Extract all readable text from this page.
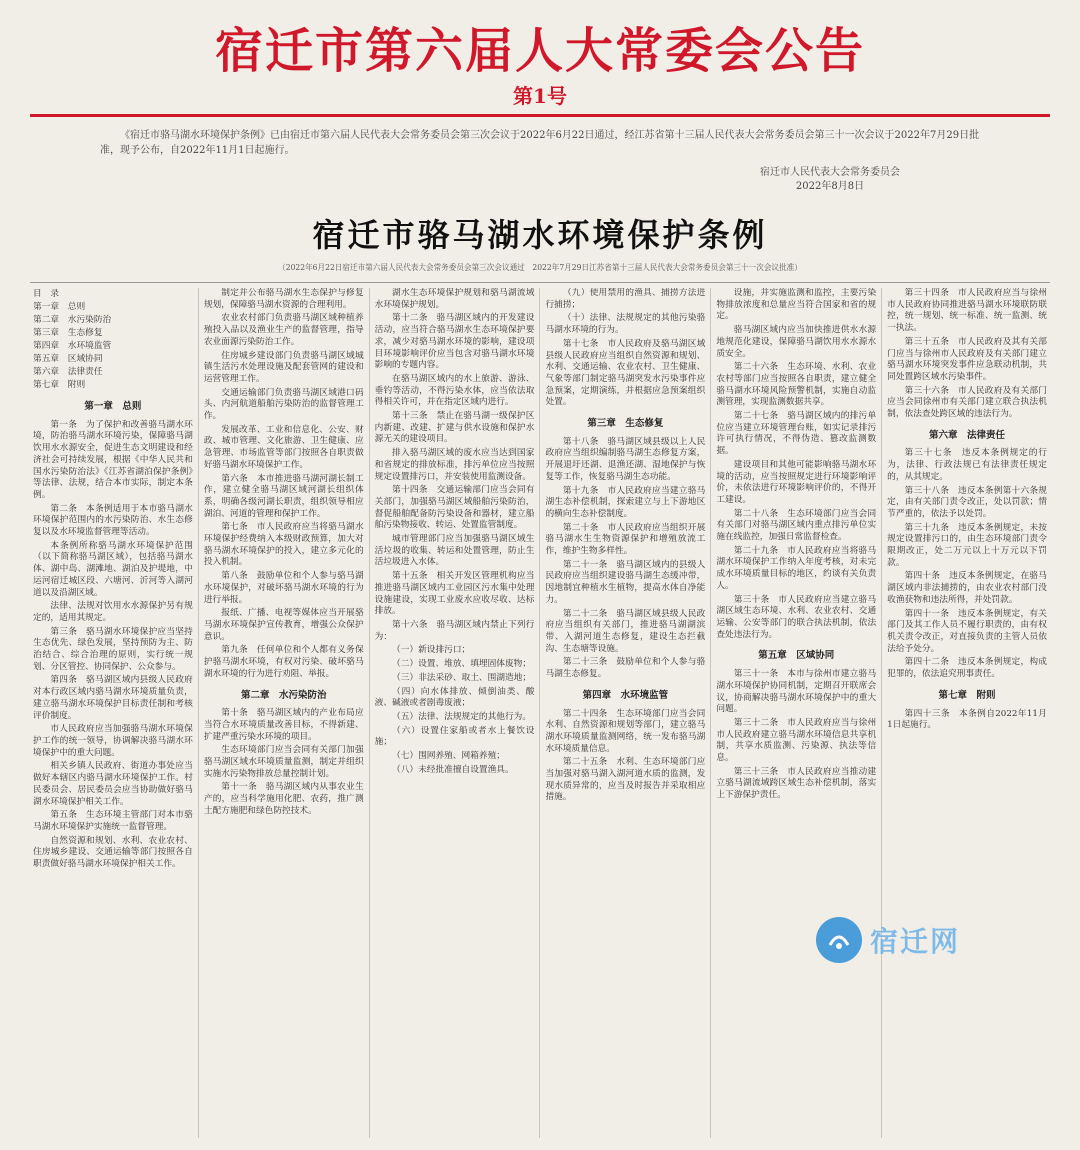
宿迁市第六届人大常委会公告
第1号
《宿迁市骆马湖水环境保护条例》已由宿迁市第六届人民代表大会常务委员会第三次会议于2022年6月22日通过，经江苏省第十三届人民代表大会常务委员会第三十一次会议于2022年7月29日批准，现予公布，自2022年11月1日起施行。
宿迁市人民代表大会常务委员会
2022年8月8日
宿迁市骆马湖水环境保护条例
（2022年6月22日宿迁市第六届人民代表大会常务委员会第三次会议通过　2022年7月29日江苏省第十三届人民代表大会常务委员会第三十一次会议批准）
目　录
第一章　总则
第二章　水污染防治
第三章　生态修复
第四章　水环境监管
第五章　区域协同
第六章　法律责任
第七章　附则
第一章　总则

第一条　为了保护和改善骆马湖水环境，防治骆马湖水环境污染，保障骆马湖饮用水水源安全，促进生态文明建设和经济社会可持续发展，根据《中华人民共和国水污染防治法》《江苏省湖泊保护条例》等法律、法规，结合本市实际，制定本条例。

第二条　本条例适用于本市骆马湖水环境保护范围内的水污染防治、水生态修复以及水环境监督管理等活动。

本条例所称骆马湖水环境保护范围（以下简称骆马湖区域），包括骆马湖水体、湖中岛、湖滩地、湖泊及护堤地，中运河宿迁城区段、六塘河、沂河等入湖河道以及沿湖区域。

法律、法规对饮用水水源保护另有规定的，适用其规定。

第三条　骆马湖水环境保护应当坚持生态优先、绿色发展，坚持预防为主、防治结合、综合治理的原则，实行统一规划、分区管控、协同保护、公众参与。

第四条　骆马湖区域内县级人民政府对本行政区域内骆马湖水环境质量负责，建立骆马湖水环境保护目标责任制和考核评价制度。

市人民政府应当加强骆马湖水环境保护工作的统一领导，协调解决骆马湖水环境保护中的重大问题。

相关乡镇人民政府、街道办事处应当做好本辖区内骆马湖水环境保护工作。村民委员会、居民委员会应当协助做好骆马湖水环境保护相关工作。

第五条　生态环境主管部门对本市骆马湖水环境保护实施统一监督管理。

自然资源和规划、水利、农业农村、住房城乡建设、交通运输等部门按照各自职责做好骆马湖水环境保护相关工作。

制定并公布骆马湖水生态保护与修复规划，保障骆马湖水资源的合理利用。

农业农村部门负责骆马湖区域种植养殖投入品以及渔业生产的监督管理，指导农业面源污染防治工作。

住房城乡建设部门负责骆马湖区域城镇生活污水处理设施及配套管网的建设和运营管理工作。

交通运输部门负责骆马湖区域港口码头、内河航道船舶污染防治的监督管理工作。

发展改革、工业和信息化、公安、财政、城市管理、文化旅游、卫生健康、应急管理、市场监管等部门按照各自职责做好骆马湖水环境保护工作。

第六条　本市推进骆马湖河湖长制工作，建立健全骆马湖区域河湖长组织体系，明确各级河湖长职责，组织领导相应湖泊、河道的管理和保护工作。

第七条　市人民政府应当将骆马湖水环境保护经费纳入本级财政预算，加大对骆马湖水环境保护的投入，建立多元化的投入机制。

第八条　鼓励单位和个人参与骆马湖水环境保护，对破坏骆马湖水环境的行为进行举报。

报纸、广播、电视等媒体应当开展骆马湖水环境保护宣传教育，增强公众保护意识。

第九条　任何单位和个人都有义务保护骆马湖水环境，有权对污染、破坏骆马湖水环境的行为进行劝阻、举报。

第二章　水污染防治

第十条　骆马湖区域内的产业布局应当符合水环境质量改善目标，不得新建、扩建严重污染水环境的项目。

生态环境部门应当会同有关部门加强骆马湖区域水环境质量监测，制定并组织实施水污染物排放总量控制计划。

第十一条　骆马湖区域内从事农业生产的，应当科学施用化肥、农药，推广测土配方施肥和绿色防控技术。

湖水生态环境保护规划和骆马湖流域水环境保护规划。

第十二条　骆马湖区域内的开发建设活动，应当符合骆马湖水生态环境保护要求，减少对骆马湖水环境的影响，建设项目环境影响评价应当包含对骆马湖水环境影响的专题内容。

在骆马湖区域内的水上旅游、游泳、垂钓等活动，不得污染水体，应当依法取得相关许可，并在指定区域内进行。

第十三条　禁止在骆马湖一级保护区内新建、改建、扩建与供水设施和保护水源无关的建设项目。

排入骆马湖区域的废水应当达到国家和省规定的排放标准，排污单位应当按照规定设置排污口，并安装使用监测设备。

第十四条　交通运输部门应当会同有关部门，加强骆马湖区域船舶污染防治，督促船舶配备防污染设备和器材，建立船舶污染物接收、转运、处置监管制度。

城市管理部门应当加强骆马湖区域生活垃圾的收集、转运和处置管理，防止生活垃圾进入水体。

第十五条　相关开发区管理机构应当推进骆马湖区域内工业园区污水集中处理设施建设，实现工业废水应收尽收、达标排放。

第十六条　骆马湖区域内禁止下列行为：

（一）新设排污口；

（二）设置、堆放、填埋固体废物；

（三）非法采砂、取土、围湖造地；

（四）向水体排放、倾倒油类、酸液、碱液或者剧毒废液；

（五）法律、法规规定的其他行为。

（六）设置住家船或者水上餐饮设施；

（七）围网养殖、网箱养殖；

（八）未经批准擅自设置渔具。

（九）使用禁用的渔具、捕捞方法进行捕捞；

（十）法律、法规规定的其他污染骆马湖水环境的行为。

第十七条　市人民政府及骆马湖区域县级人民政府应当组织自然资源和规划、水利、交通运输、农业农村、卫生健康、气象等部门制定骆马湖突发水污染事件应急预案，定期演练，并根据应急预案组织处置。

第三章　生态修复

第十八条　骆马湖区域县级以上人民政府应当组织编制骆马湖生态修复方案，开展退圩还湖、退渔还湖、湿地保护与恢复等工作，恢复骆马湖生态功能。

第十九条　市人民政府应当建立骆马湖生态补偿机制，探索建立与上下游地区的横向生态补偿制度。

第二十条　市人民政府应当组织开展骆马湖水生生物资源保护和增殖放流工作，维护生物多样性。

第二十一条　骆马湖区域内的县级人民政府应当组织建设骆马湖生态缓冲带，因地制宜种植水生植物，提高水体自净能力。

第二十二条　骆马湖区域县级人民政府应当组织有关部门，推进骆马湖湖滨带、入湖河道生态修复，建设生态拦截沟、生态塘等设施。

第二十三条　鼓励单位和个人参与骆马湖生态修复。

第四章　水环境监管

第二十四条　生态环境部门应当会同水利、自然资源和规划等部门，建立骆马湖水环境质量监测网络，统一发布骆马湖水环境质量信息。

第二十五条　水利、生态环境部门应当加强对骆马湖入湖河道水质的监测，发现水质异常的，应当及时报告并采取相应措施。

设施，并实施监测和监控，主要污染物排放浓度和总量应当符合国家和省的规定。

骆马湖区域内应当加快推进供水水源地规范化建设，保障骆马湖饮用水水源水质安全。

第二十六条　生态环境、水利、农业农村等部门应当按照各自职责，建立健全骆马湖水环境风险预警机制，实施自动监测管理，实现监测数据共享。

第二十七条　骆马湖区域内的排污单位应当建立环境管理台账，如实记录排污许可执行情况，不得伪造、篡改监测数据。

建设项目和其他可能影响骆马湖水环境的活动，应当按照规定进行环境影响评价，未依法进行环境影响评价的，不得开工建设。

第二十八条　生态环境部门应当会同有关部门对骆马湖区域内重点排污单位实施在线监控，加强日常监督检查。

第二十九条　市人民政府应当将骆马湖水环境保护工作纳入年度考核，对未完成水环境质量目标的地区，约谈有关负责人。

第三十条　市人民政府应当建立骆马湖区域生态环境、水利、农业农村、交通运输、公安等部门的联合执法机制，依法查处违法行为。

第五章　区域协同

第三十一条　本市与徐州市建立骆马湖水环境保护协同机制，定期召开联席会议，协商解决骆马湖水环境保护中的重大问题。

第三十二条　市人民政府应当与徐州市人民政府建立骆马湖水环境信息共享机制，共享水质监测、污染源、执法等信息。

第三十三条　市人民政府应当推动建立骆马湖流域跨区域生态补偿机制，落实上下游保护责任。

第三十四条　市人民政府应当与徐州市人民政府协同推进骆马湖水环境联防联控，统一规划、统一标准、统一监测、统一执法。

第三十五条　市人民政府及其有关部门应当与徐州市人民政府及有关部门建立骆马湖水环境突发事件应急联动机制，共同处置跨区域水污染事件。

第三十六条　市人民政府及有关部门应当会同徐州市有关部门建立联合执法机制，依法查处跨区域的违法行为。

第六章　法律责任

第三十七条　违反本条例规定的行为，法律、行政法规已有法律责任规定的，从其规定。

第三十八条　违反本条例第十六条规定，由有关部门责令改正，处以罚款；情节严重的，依法予以处罚。

第三十九条　违反本条例规定，未按规定设置排污口的，由生态环境部门责令限期改正，处二万元以上十万元以下罚款。

第四十条　违反本条例规定，在骆马湖区域内非法捕捞的，由农业农村部门没收渔获物和违法所得，并处罚款。

第四十一条　违反本条例规定，有关部门及其工作人员不履行职责的，由有权机关责令改正，对直接负责的主管人员依法给予处分。

第四十二条　违反本条例规定，构成犯罪的，依法追究刑事责任。

第七章　附则

第四十三条　本条例自2022年11月1日起施行。

宿迁网
